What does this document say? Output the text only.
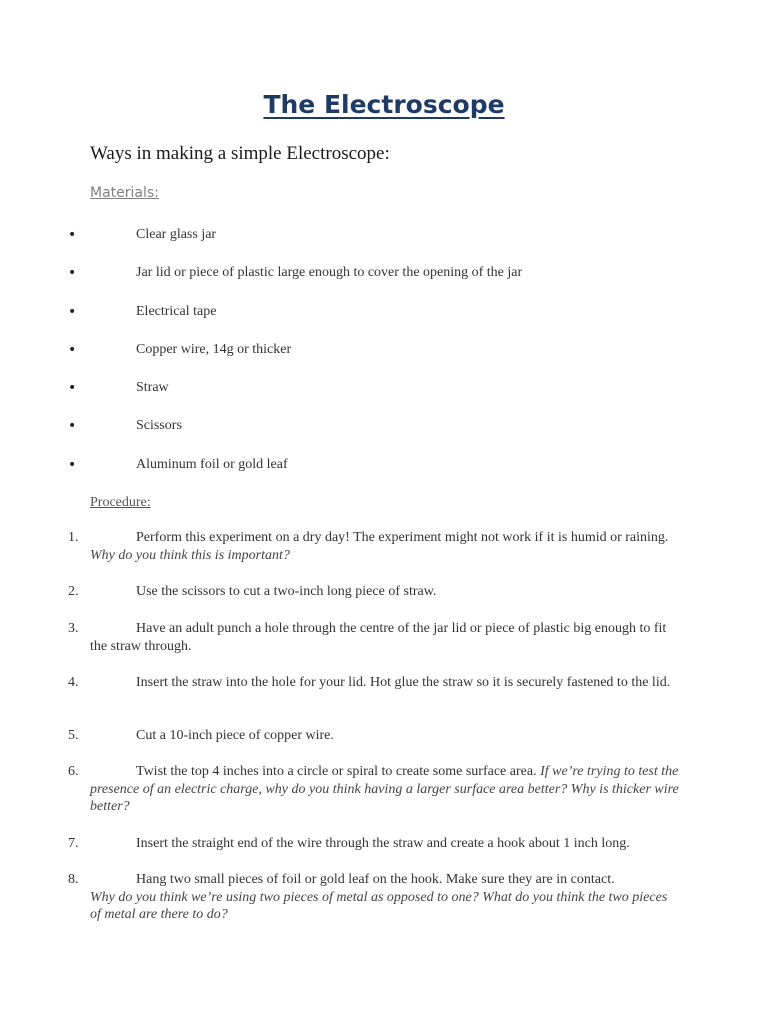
The Electroscope
Ways in making a simple Electroscope:
Materials:
•	Clear glass jar
•	Jar lid or piece of plastic large enough to cover the opening of the jar
•	Electrical tape
•	Copper wire, 14g or thicker
•	Straw
•	Scissors
•	Aluminum foil or gold leaf
Procedure:
1.	Perform this experiment on a dry day! The experiment might not work if it is humid or raining. Why do you think this is important?
2.	Use the scissors to cut a two-inch long piece of straw.
3.	Have an adult punch a hole through the centre of the jar lid or piece of plastic big enough to fit the straw through.
4.	Insert the straw into the hole for your lid. Hot glue the straw so it is securely fastened to the lid.
5.	Cut a 10-inch piece of copper wire.
6.	Twist the top 4 inches into a circle or spiral to create some surface area. If we’re trying to test the presence of an electric charge, why do you think having a larger surface area better? Why is thicker wire better?
7.	Insert the straight end of the wire through the straw and create a hook about 1 inch long.
8.	Hang two small pieces of foil or gold leaf on the hook. Make sure they are in contact.
Why do you think we’re using two pieces of metal as opposed to one? What do you think the two pieces of metal are there to do?
